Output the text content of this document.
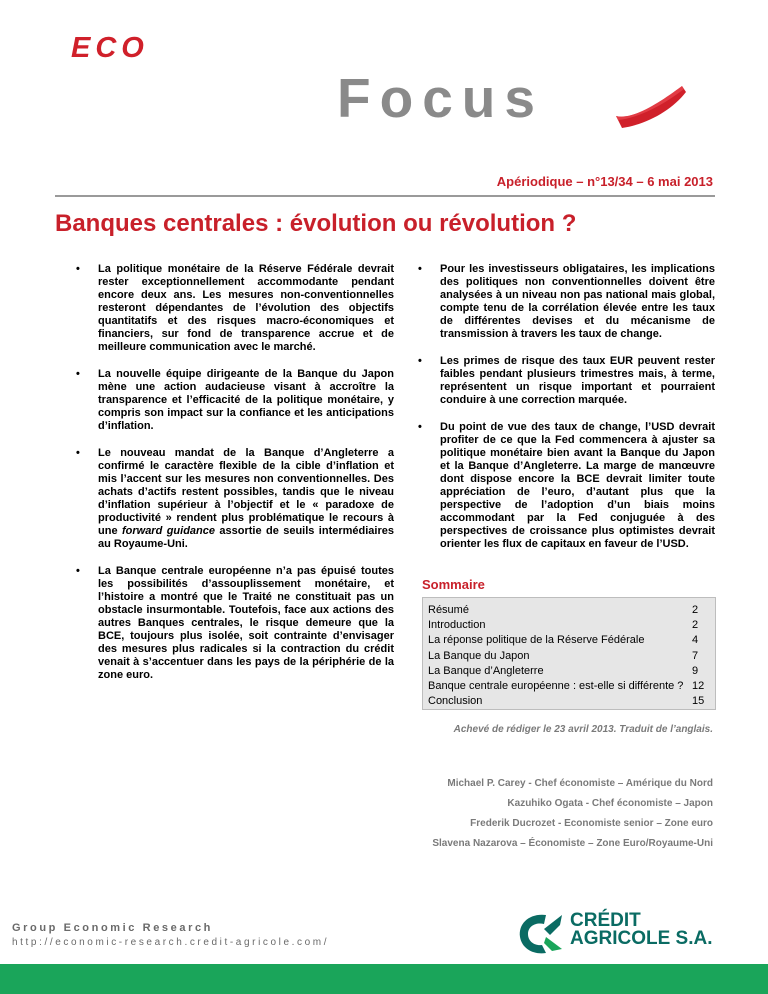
ECO
Focus
Apériodique – n°13/34 – 6 mai 2013
Banques centrales : évolution ou révolution ?

• La politique monétaire de la Réserve Fédérale devrait rester exceptionnellement accommodante pendant encore deux ans. Les mesures non-conventionnelles resteront dépendantes de l’évolution des objectifs quantitatifs et des risques macro-économiques et financiers, sur fond de transparence accrue et de meilleure communication avec le marché.

• La nouvelle équipe dirigeante de la Banque du Japon mène une action audacieuse visant à accroître la transparence et l’efficacité de la politique monétaire, y compris son impact sur la confiance et les anticipations d’inflation.

• Le nouveau mandat de la Banque d’Angleterre a confirmé le caractère flexible de la cible d’inflation et mis l’accent sur les mesures non conventionnelles. Des achats d’actifs restent possibles, tandis que le niveau d’inflation supérieur à l’objectif et le « paradoxe de productivité » rendent plus problématique le recours à une forward guidance assortie de seuils intermédiaires au Royaume-Uni.

• La Banque centrale européenne n’a pas épuisé toutes les possibilités d’assouplissement monétaire, et l’histoire a montré que le Traité ne constituait pas un obstacle insurmontable. Toutefois, face aux actions des autres Banques centrales, le risque demeure que la BCE, toujours plus isolée, soit contrainte d’envisager des mesures plus radicales si la contraction du crédit venait à s’accentuer dans les pays de la périphérie de la zone euro.

• Pour les investisseurs obligataires, les implications des politiques non conventionnelles doivent être analysées à un niveau non pas national mais global, compte tenu de la corrélation élevée entre les taux de différentes devises et du mécanisme de transmission à travers les taux de change.

• Les primes de risque des taux EUR peuvent rester faibles pendant plusieurs trimestres mais, à terme, représentent un risque important et pourraient conduire à une correction marquée.

• Du point de vue des taux de change, l’USD devrait profiter de ce que la Fed commencera à ajuster sa politique monétaire bien avant la Banque du Japon et la Banque d’Angleterre. La marge de manœuvre dont dispose encore la BCE devrait limiter toute appréciation de l’euro, d’autant plus que la perspective de l’adoption d’un biais moins accommodant par la Fed conjuguée à des perspectives de croissance plus optimistes devrait orienter les flux de capitaux en faveur de l’USD.

Sommaire
Résumé	2
Introduction	2
La réponse politique de la Réserve Fédérale	4
La Banque du Japon	7
La Banque d’Angleterre	9
Banque centrale européenne : est-elle si différente ? 12
Conclusion	15
Achevé de rédiger le 23 avril 2013. Traduit de l’anglais.
Michael P. Carey - Chef économiste – Amérique du Nord
Kazuhiko Ogata - Chef économiste – Japon
Frederik Ducrozet - Economiste senior – Zone euro
Slavena Nazarova – Économiste – Zone Euro/Royaume-Uni
Group Economic Research
http://economic-research.credit-agricole.com/
CRÉDIT
AGRICOLE S.A.
